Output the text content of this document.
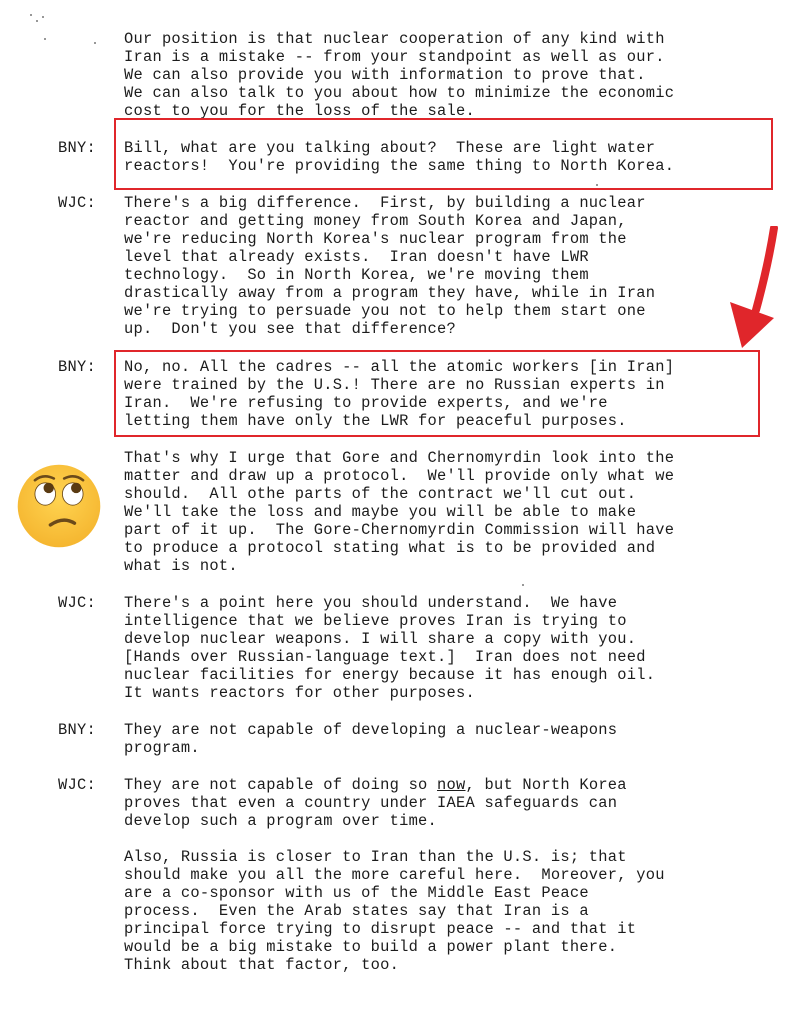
Our position is that nuclear cooperation of any kind with
Iran is a mistake -- from your standpoint as well as our.
We can also provide you with information to prove that.
We can also talk to you about how to minimize the economic
cost to you for the loss of the sale.
BNY: Bill, what are you talking about?  These are light water
reactors!  You're providing the same thing to North Korea.
WJC: There's a big difference.  First, by building a nuclear
reactor and getting money from South Korea and Japan,
we're reducing North Korea's nuclear program from the
level that already exists.  Iran doesn't have LWR
technology.  So in North Korea, we're moving them
drastically away from a program they have, while in Iran
we're trying to persuade you not to help them start one
up.  Don't you see that difference?
BNY: No, no. All the cadres -- all the atomic workers [in Iran]
were trained by the U.S.! There are no Russian experts in
Iran.  We're refusing to provide experts, and we're
letting them have only the LWR for peaceful purposes.
That's why I urge that Gore and Chernomyrdin look into the
matter and draw up a protocol.  We'll provide only what we
should.  All othe parts of the contract we'll cut out.
We'll take the loss and maybe you will be able to make
part of it up.  The Gore-Chernomyrdin Commission will have
to produce a protocol stating what is to be provided and
what is not.
WJC: There's a point here you should understand.  We have
intelligence that we believe proves Iran is trying to
develop nuclear weapons. I will share a copy with you.
[Hands over Russian-language text.]  Iran does not need
nuclear facilities for energy because it has enough oil.
It wants reactors for other purposes.
BNY: They are not capable of developing a nuclear-weapons
program.
WJC: They are not capable of doing so now, but North Korea
proves that even a country under IAEA safeguards can
develop such a program over time.
Also, Russia is closer to Iran than the U.S. is; that
should make you all the more careful here.  Moreover, you
are a co-sponsor with us of the Middle East Peace
process.  Even the Arab states say that Iran is a
principal force trying to disrupt peace -- and that it
would be a big mistake to build a power plant there.
Think about that factor, too.
